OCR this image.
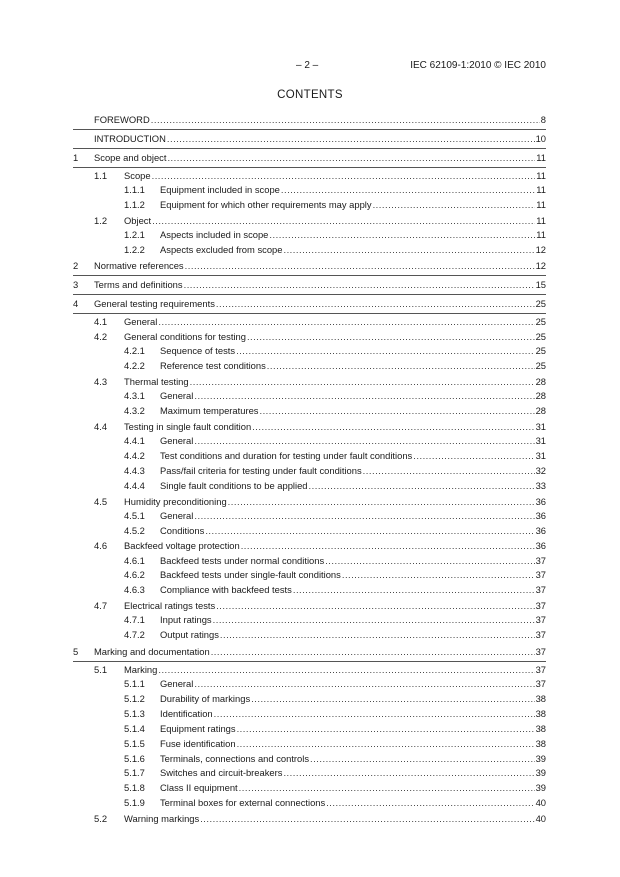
– 2 –	IEC 62109-1:2010 © IEC 2010
CONTENTS
FOREWORD .....	8
INTRODUCTION .....	10
1	Scope and object .....	11
1.1	Scope .....	11
1.1.1	Equipment included in scope .....	11
1.1.2	Equipment for which other requirements may apply .....	11
1.2	Object .....	11
1.2.1	Aspects included in scope .....	11
1.2.2	Aspects excluded from scope .....	12
2	Normative references .....	12
3	Terms and definitions .....	15
4	General testing requirements .....	25
4.1	General .....	25
4.2	General conditions for testing .....	25
4.2.1	Sequence of tests .....	25
4.2.2	Reference test conditions .....	25
4.3	Thermal testing .....	28
4.3.1	General .....	28
4.3.2	Maximum temperatures .....	28
4.4	Testing in single fault condition .....	31
4.4.1	General .....	31
4.4.2	Test conditions and duration for testing under fault conditions .....	31
4.4.3	Pass/fail criteria for testing under fault conditions .....	32
4.4.4	Single fault conditions to be applied .....	33
4.5	Humidity preconditioning .....	36
4.5.1	General .....	36
4.5.2	Conditions .....	36
4.6	Backfeed voltage protection .....	36
4.6.1	Backfeed tests under normal conditions .....	37
4.6.2	Backfeed tests under single-fault conditions .....	37
4.6.3	Compliance with backfeed tests .....	37
4.7	Electrical ratings tests .....	37
4.7.1	Input ratings .....	37
4.7.2	Output ratings .....	37
5	Marking and documentation .....	37
5.1	Marking .....	37
5.1.1	General .....	37
5.1.2	Durability of markings .....	38
5.1.3	Identification .....	38
5.1.4	Equipment ratings .....	38
5.1.5	Fuse identification .....	38
5.1.6	Terminals, connections and controls .....	39
5.1.7	Switches and circuit-breakers .....	39
5.1.8	Class II equipment .....	39
5.1.9	Terminal boxes for external connections .....	40
5.2	Warning markings .....	40
